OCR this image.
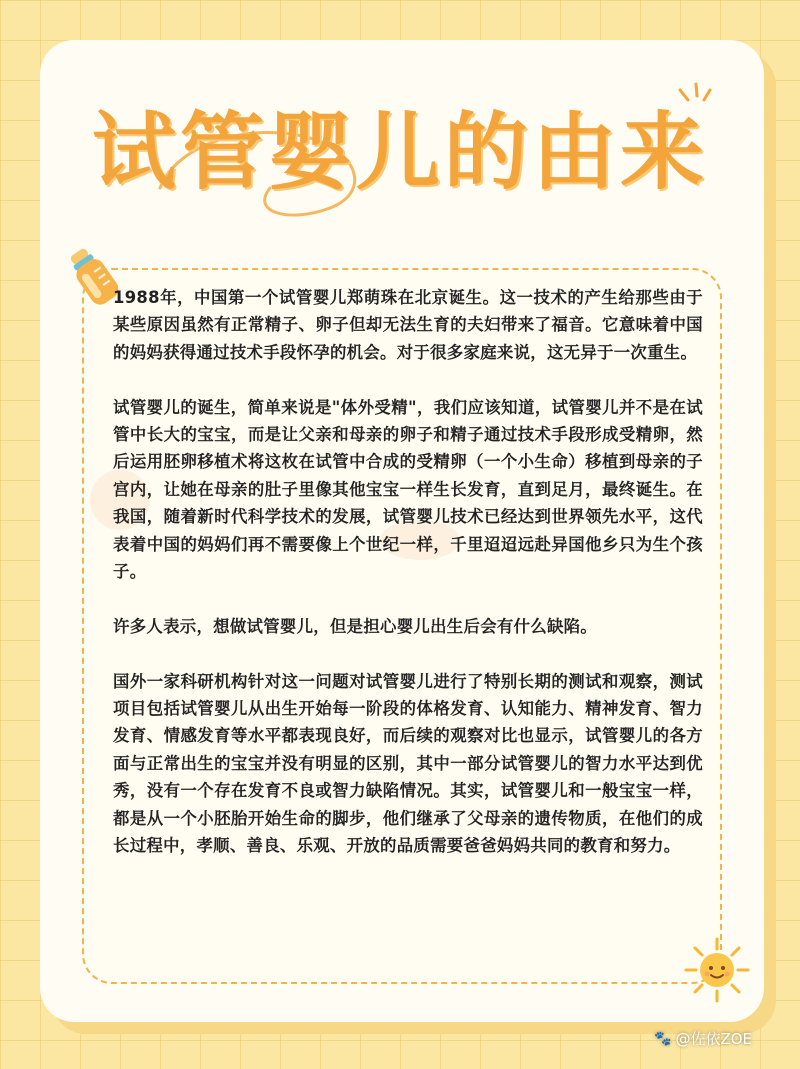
试管婴儿的由来

1988年，中国第一个试管婴儿郑萌珠在北京诞生。这一技术的产生给那些由于某些原因虽然有正常精子、卵子但却无法生育的夫妇带来了福音。它意味着中国的妈妈获得通过技术手段怀孕的机会。对于很多家庭来说，这无异于一次重生。

试管婴儿的诞生，简单来说是"体外受精"，我们应该知道，试管婴儿并不是在试管中长大的宝宝，而是让父亲和母亲的卵子和精子通过技术手段形成受精卵，然后运用胚卵移植术将这枚在试管中合成的受精卵（一个小生命）移植到母亲的子宫内，让她在母亲的肚子里像其他宝宝一样生长发育，直到足月，最终诞生。在我国，随着新时代科学技术的发展，试管婴儿技术已经达到世界领先水平，这代表着中国的妈妈们再不需要像上个世纪一样，千里迢迢远赴异国他乡只为生个孩子。

许多人表示，想做试管婴儿，但是担心婴儿出生后会有什么缺陷。

国外一家科研机构针对这一问题对试管婴儿进行了特别长期的测试和观察，测试项目包括试管婴儿从出生开始每一阶段的体格发育、认知能力、精神发育、智力发育、情感发育等水平都表现良好，而后续的观察对比也显示，试管婴儿的各方面与正常出生的宝宝并没有明显的区别，其中一部分试管婴儿的智力水平达到优秀，没有一个存在发育不良或智力缺陷情况。其实，试管婴儿和一般宝宝一样，都是从一个小胚胎开始生命的脚步，他们继承了父母亲的遗传物质，在他们的成长过程中，孝顺、善良、乐观、开放的品质需要爸爸妈妈共同的教育和努力。

🐾 @佐依ZOE
